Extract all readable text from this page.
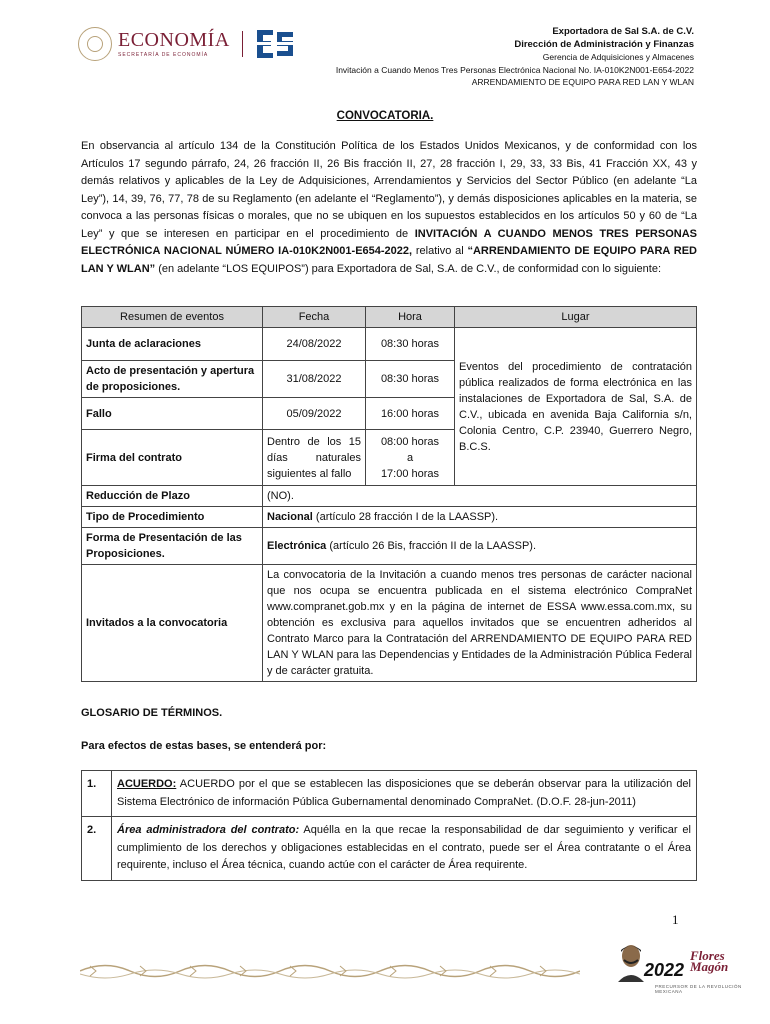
ECONOMÍA
SECRETARÍA DE ECONOMÍA
Exportadora de Sal S.A. de C.V.
Dirección de Administración y Finanzas
Gerencia de Adquisiciones y Almacenes
Invitación a Cuando Menos Tres Personas Electrónica Nacional No. IA-010K2N001-E654-2022
ARRENDAMIENTO DE EQUIPO PARA RED LAN Y WLAN
CONVOCATORIA.
En observancia al artículo 134 de la Constitución Política de los Estados Unidos Mexicanos, y de conformidad con los Artículos 17 segundo párrafo, 24, 26 fracción II, 26 Bis fracción II, 27, 28 fracción I, 29, 33, 33 Bis, 41 Fracción XX, 43 y demás relativos y aplicables de la Ley de Adquisiciones, Arrendamientos y Servicios del Sector Público (en adelante “La Ley”), 14, 39, 76, 77, 78 de su Reglamento (en adelante el “Reglamento”), y demás disposiciones aplicables en la materia, se convoca a las personas físicas o morales, que no se ubiquen en los supuestos establecidos en los artículos 50 y 60 de “La Ley” y que se interesen en participar en el procedimiento de INVITACIÓN A CUANDO MENOS TRES PERSONAS ELECTRÓNICA NACIONAL NÚMERO IA-010K2N001-E654-2022, relativo al “ARRENDAMIENTO DE EQUIPO PARA RED LAN Y WLAN” (en adelante “LOS EQUIPOS”) para Exportadora de Sal, S.A. de C.V., de conformidad con lo siguiente:
Resumen de eventos	Fecha	Hora	Lugar
Junta de aclaraciones	24/08/2022	08:30 horas	Eventos del procedimiento de contratación pública realizados de forma electrónica en las instalaciones de Exportadora de Sal, S.A. de C.V., ubicada en avenida Baja California s/n, Colonia Centro, C.P. 23940, Guerrero Negro, B.C.S.
Acto de presentación y apertura de proposiciones.	31/08/2022	08:30 horas	
Fallo	05/09/2022	16:00 horas	
Firma del contrato	Dentro de los 15 días naturales siguientes al fallo	08:00 horas
a
17:00 horas	

Reducción de Plazo	(NO).		
Tipo de Procedimiento	Nacional (artículo 28 fracción I de la LAASSP).		
Forma de Presentación de las Proposiciones.	Electrónica (artículo 26 Bis, fracción II de la LAASSP).		
Invitados a la convocatoria	La convocatoria de la Invitación a cuando menos tres personas de carácter nacional que nos ocupa se encuentra publicada en el sistema electrónico CompraNet www.compranet.gob.mx y en la página de internet de ESSA www.essa.com.mx, su obtención es exclusiva para aquellos invitados que se encuentren adheridos al Contrato Marco para la Contratación del ARRENDAMIENTO DE EQUIPO PARA RED LAN Y WLAN para las Dependencias y Entidades de la Administración Pública Federal y de carácter gratuita.		
GLOSARIO DE TÉRMINOS.
Para efectos de estas bases, se entenderá por:
1.	ACUERDO: ACUERDO por el que se establecen las disposiciones que se deberán observar para la utilización del Sistema Electrónico de información Pública Gubernamental denominado CompraNet. (D.O.F. 28-jun-2011)
2.	Área administradora del contrato: Aquélla en la que recae la responsabilidad de dar seguimiento y verificar el cumplimiento de los derechos y obligaciones establecidas en el contrato, puede ser el Área contratante o el Área requirente, incluso el Área técnica, cuando actúe con el carácter de Área requirente.
1
2022
Flores
Magón
PRECURSOR DE LA REVOLUCIÓN MEXICANA
